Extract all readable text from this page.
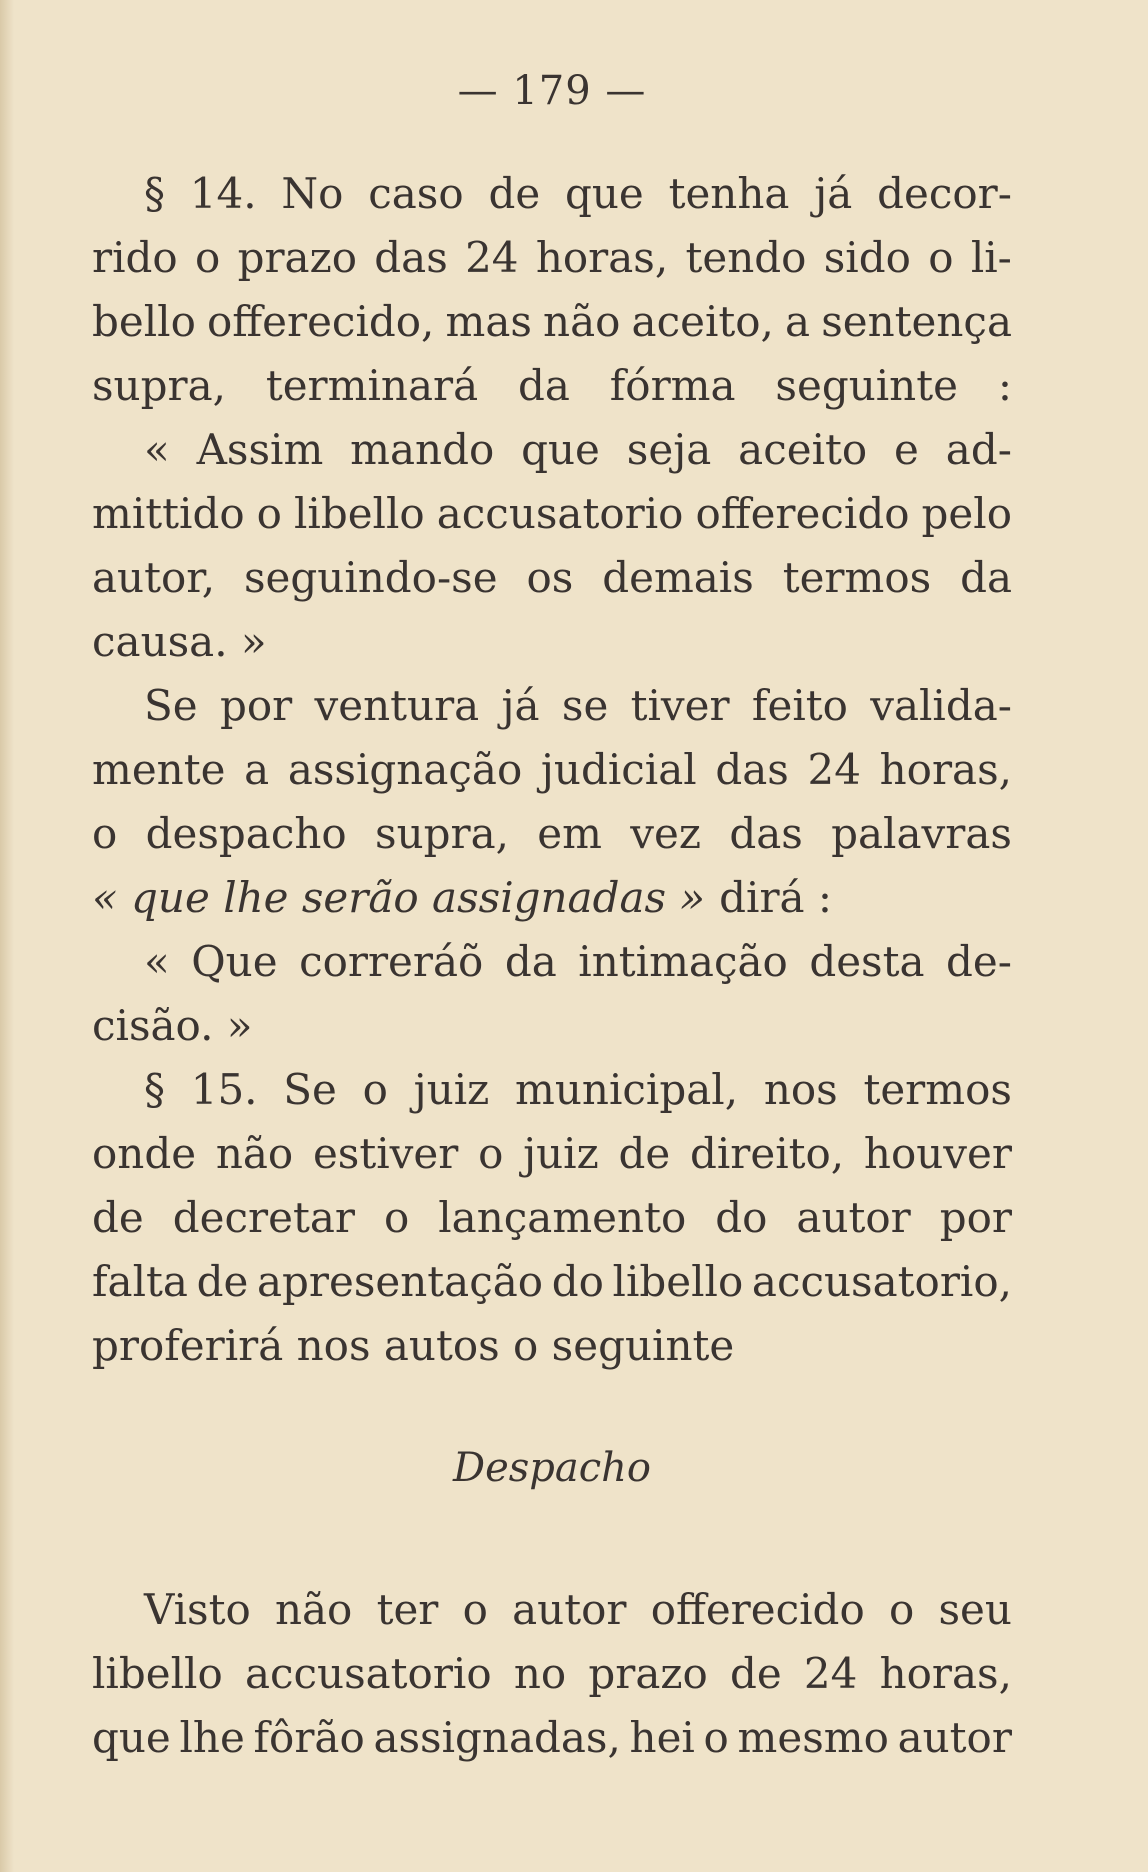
— 179 —
§ 14. No caso de que tenha já decor-
rido o prazo das 24 horas, tendo sido o li-
bello offerecido, mas não aceito, a sentença
supra, terminará da fórma seguinte :
« Assim mando que seja aceito e ad-
mittido o libello accusatorio offerecido pelo
autor, seguindo-se os demais termos da
causa. »
Se por ventura já se tiver feito valida-
mente a assignação judicial das 24 horas,
o despacho supra, em vez das palavras
« que lhe serão assignadas » dirá :
« Que correráõ da intimação desta de-
cisão. »
§ 15. Se o juiz municipal, nos termos
onde não estiver o juiz de direito, houver
de decretar o lançamento do autor por
falta de apresentação do libello accusatorio,
proferirá nos autos o seguinte
Despacho
Visto não ter o autor offerecido o seu
libello accusatorio no prazo de 24 horas,
que lhe fôrão assignadas, hei o mesmo autor
